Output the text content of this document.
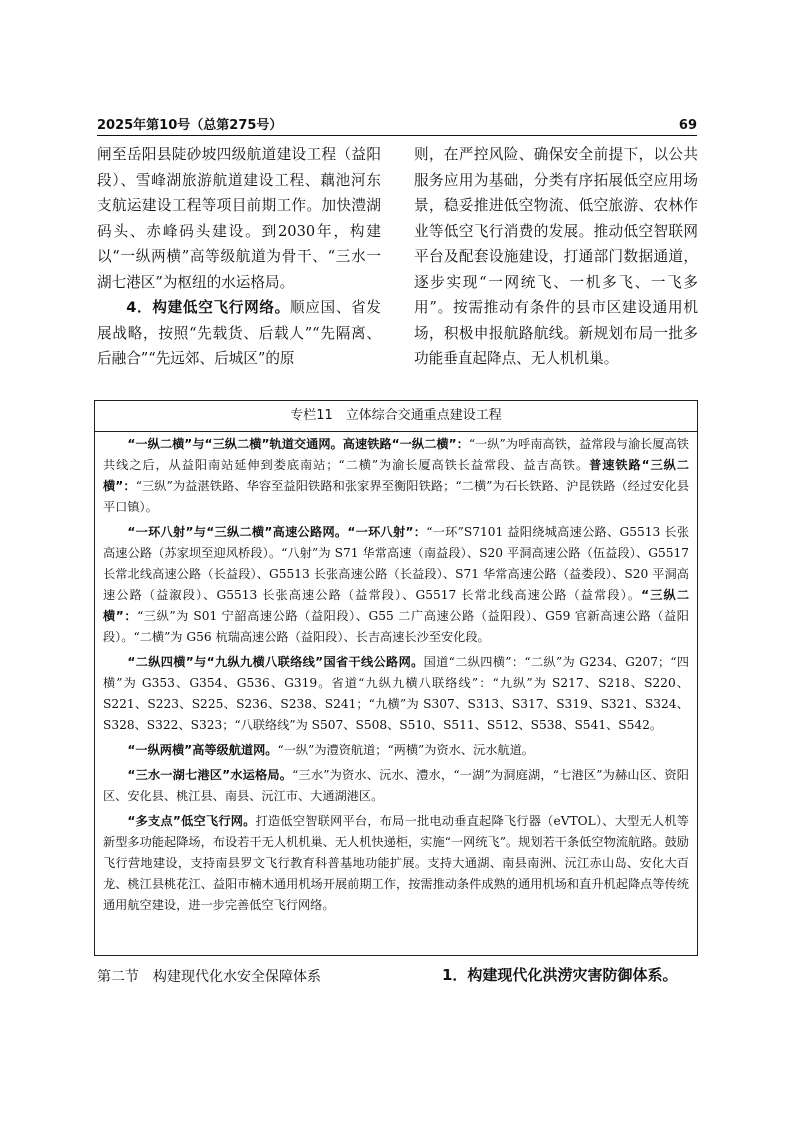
2025年第10号（总第275号）	69

闸至岳阳县陡砂坡四级航道建设工程（益阳段）、雪峰湖旅游航道建设工程、藕池河东支航运建设工程等项目前期工作。加快澧湖码头、赤峰码头建设。到2030年，构建以“一纵两横”高等级航道为骨干、“三水一湖七港区”为枢纽的水运格局。

4．构建低空飞行网络。顺应国、省发展战略，按照“先载货、后载人”“先隔离、后融合”“先远郊、后城区”的原

则，在严控风险、确保安全前提下，以公共服务应用为基础，分类有序拓展低空应用场景，稳妥推进低空物流、低空旅游、农林作业等低空飞行消费的发展。推动低空智联网平台及配套设施建设，打通部门数据通道，逐步实现“一网统飞、一机多飞、一飞多用”。按需推动有条件的县市区建设通用机场，积极申报航路航线。新规划布局一批多功能垂直起降点、无人机机巢。

专栏11　立体综合交通重点建设工程

“一纵二横”与“三纵二横”轨道交通网。高速铁路“一纵二横”：“一纵”为呼南高铁，益常段与渝长厦高铁共线之后，从益阳南站延伸到娄底南站；“二横”为渝长厦高铁长益常段、益吉高铁。普速铁路“三纵二横”：“三纵”为益湛铁路、华容至益阳铁路和张家界至衡阳铁路；“二横”为石长铁路、沪昆铁路（经过安化县平口镇）。

“一环八射”与“三纵二横”高速公路网。“一环八射”：“一环”S7101 益阳绕城高速公路、G5513 长张高速公路（苏家坝至迎风桥段）。“八射”为 S71 华常高速（南益段）、S20 平洞高速公路（伍益段）、G5517 长常北线高速公路（长益段）、G5513 长张高速公路（长益段）、S71 华常高速公路（益娄段）、S20 平洞高速公路（益溆段）、G5513 长张高速公路（益常段）、G5517 长常北线高速公路（益常段）。“三纵二横”：“三纵”为 S01 宁韶高速公路（益阳段）、G55 二广高速公路（益阳段）、G59 官新高速公路（益阳段）。“二横”为 G56 杭瑞高速公路（益阳段）、长吉高速长沙至安化段。

“二纵四横”与“九纵九横八联络线”国省干线公路网。国道“二纵四横”：“二纵”为 G234、G207；“四横”为 G353、G354、G536、G319。省道“九纵九横八联络线”：“九纵”为 S217、S218、S220、S221、S223、S225、S236、S238、S241；“九横”为 S307、S313、S317、S319、S321、S324、S328、S322、S323；“八联络线”为 S507、S508、S510、S511、S512、S538、S541、S542。

“一纵两横”高等级航道网。“一纵”为澧资航道；“两横”为资水、沅水航道。

“三水一湖七港区”水运格局。“三水”为资水、沅水、澧水，“一湖”为洞庭湖，“七港区”为赫山区、资阳区、安化县、桃江县、南县、沅江市、大通湖港区。

“多支点”低空飞行网。打造低空智联网平台，布局一批电动垂直起降飞行器（eVTOL）、大型无人机等新型多功能起降场，布设若干无人机机巢、无人机快递柜，实施“一网统飞”。规划若干条低空物流航路。鼓励飞行营地建设，支持南县罗文飞行教育科普基地功能扩展。支持大通湖、南县南洲、沅江赤山岛、安化大百龙、桃江县桃花江、益阳市楠木通用机场开展前期工作，按需推动条件成熟的通用机场和直升机起降点等传统通用航空建设，进一步完善低空飞行网络。

第二节　构建现代化水安全保障体系	1．构建现代化洪涝灾害防御体系。
